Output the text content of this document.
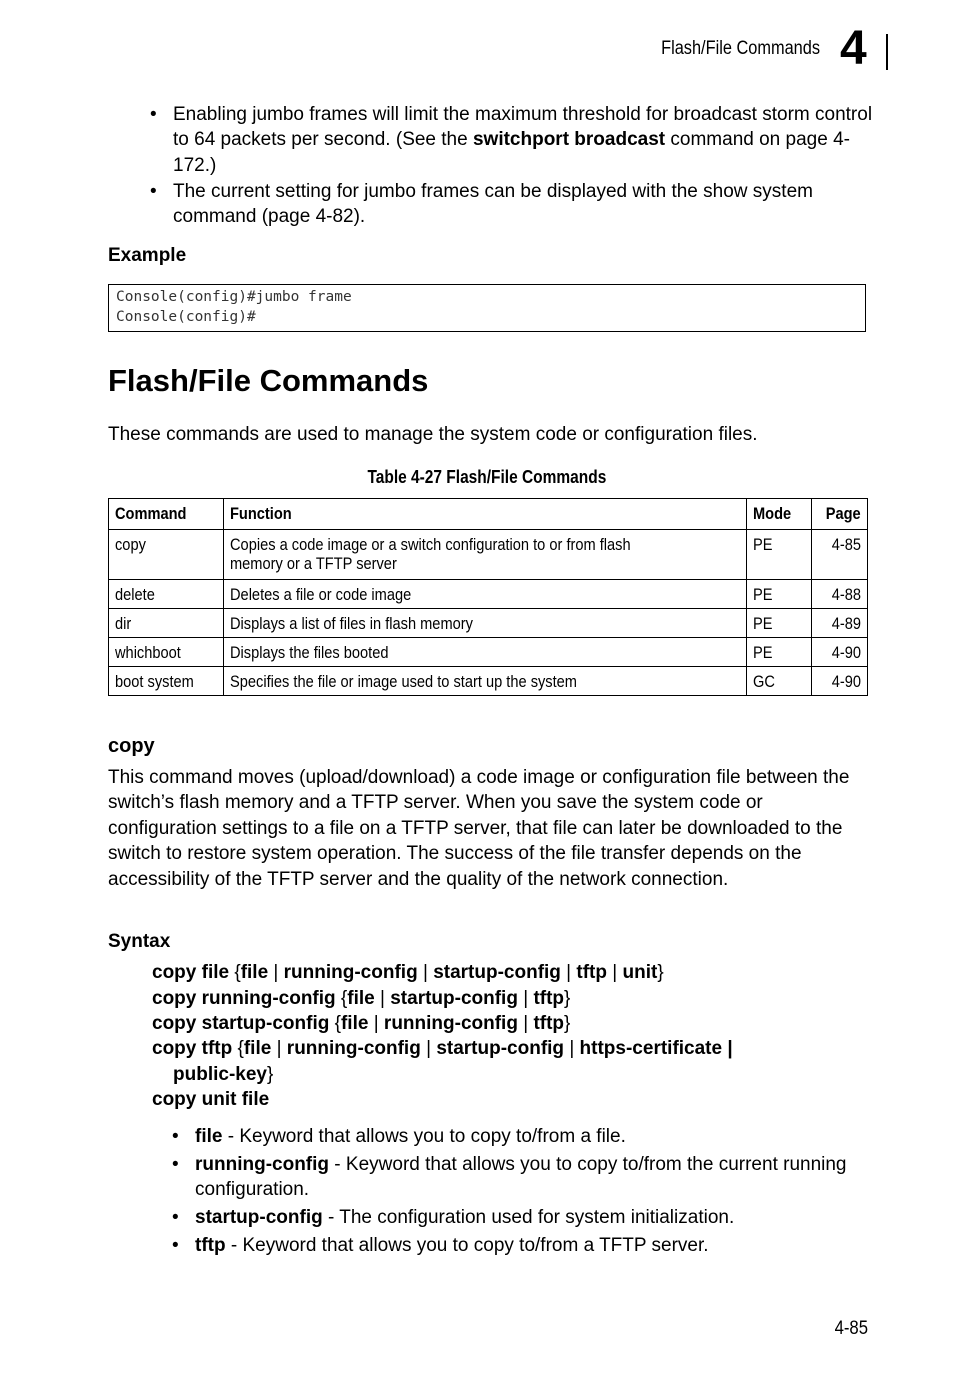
Flash/File Commands 4
• Enabling jumbo frames will limit the maximum threshold for broadcast storm control to 64 packets per second. (See the switchport broadcast command on page 4-172.)
• The current setting for jumbo frames can be displayed with the show system command (page 4-82).
Example
Console(config)#jumbo frame
Console(config)#
Flash/File Commands
These commands are used to manage the system code or configuration files.
Table 4-27 Flash/File Commands
Command	Function	Mode	Page
copy	Copies a code image or a switch configuration to or from flash memory or a TFTP server	PE	4-85
delete	Deletes a file or code image	PE	4-88
dir	Displays a list of files in flash memory	PE	4-89
whichboot	Displays the files booted	PE	4-90
boot system	Specifies the file or image used to start up the system	GC	4-90
copy
This command moves (upload/download) a code image or configuration file between the switch’s flash memory and a TFTP server. When you save the system code or configuration settings to a file on a TFTP server, that file can later be downloaded to the switch to restore system operation. The success of the file transfer depends on the accessibility of the TFTP server and the quality of the network connection.
Syntax
copy file {file | running-config | startup-config | tftp | unit}
copy running-config {file | startup-config | tftp}
copy startup-config {file | running-config | tftp}
copy tftp {file | running-config | startup-config | https-certificate |
public-key}
copy unit file
• file - Keyword that allows you to copy to/from a file.
• running-config - Keyword that allows you to copy to/from the current running configuration.
• startup-config - The configuration used for system initialization.
• tftp - Keyword that allows you to copy to/from a TFTP server.
4-85
